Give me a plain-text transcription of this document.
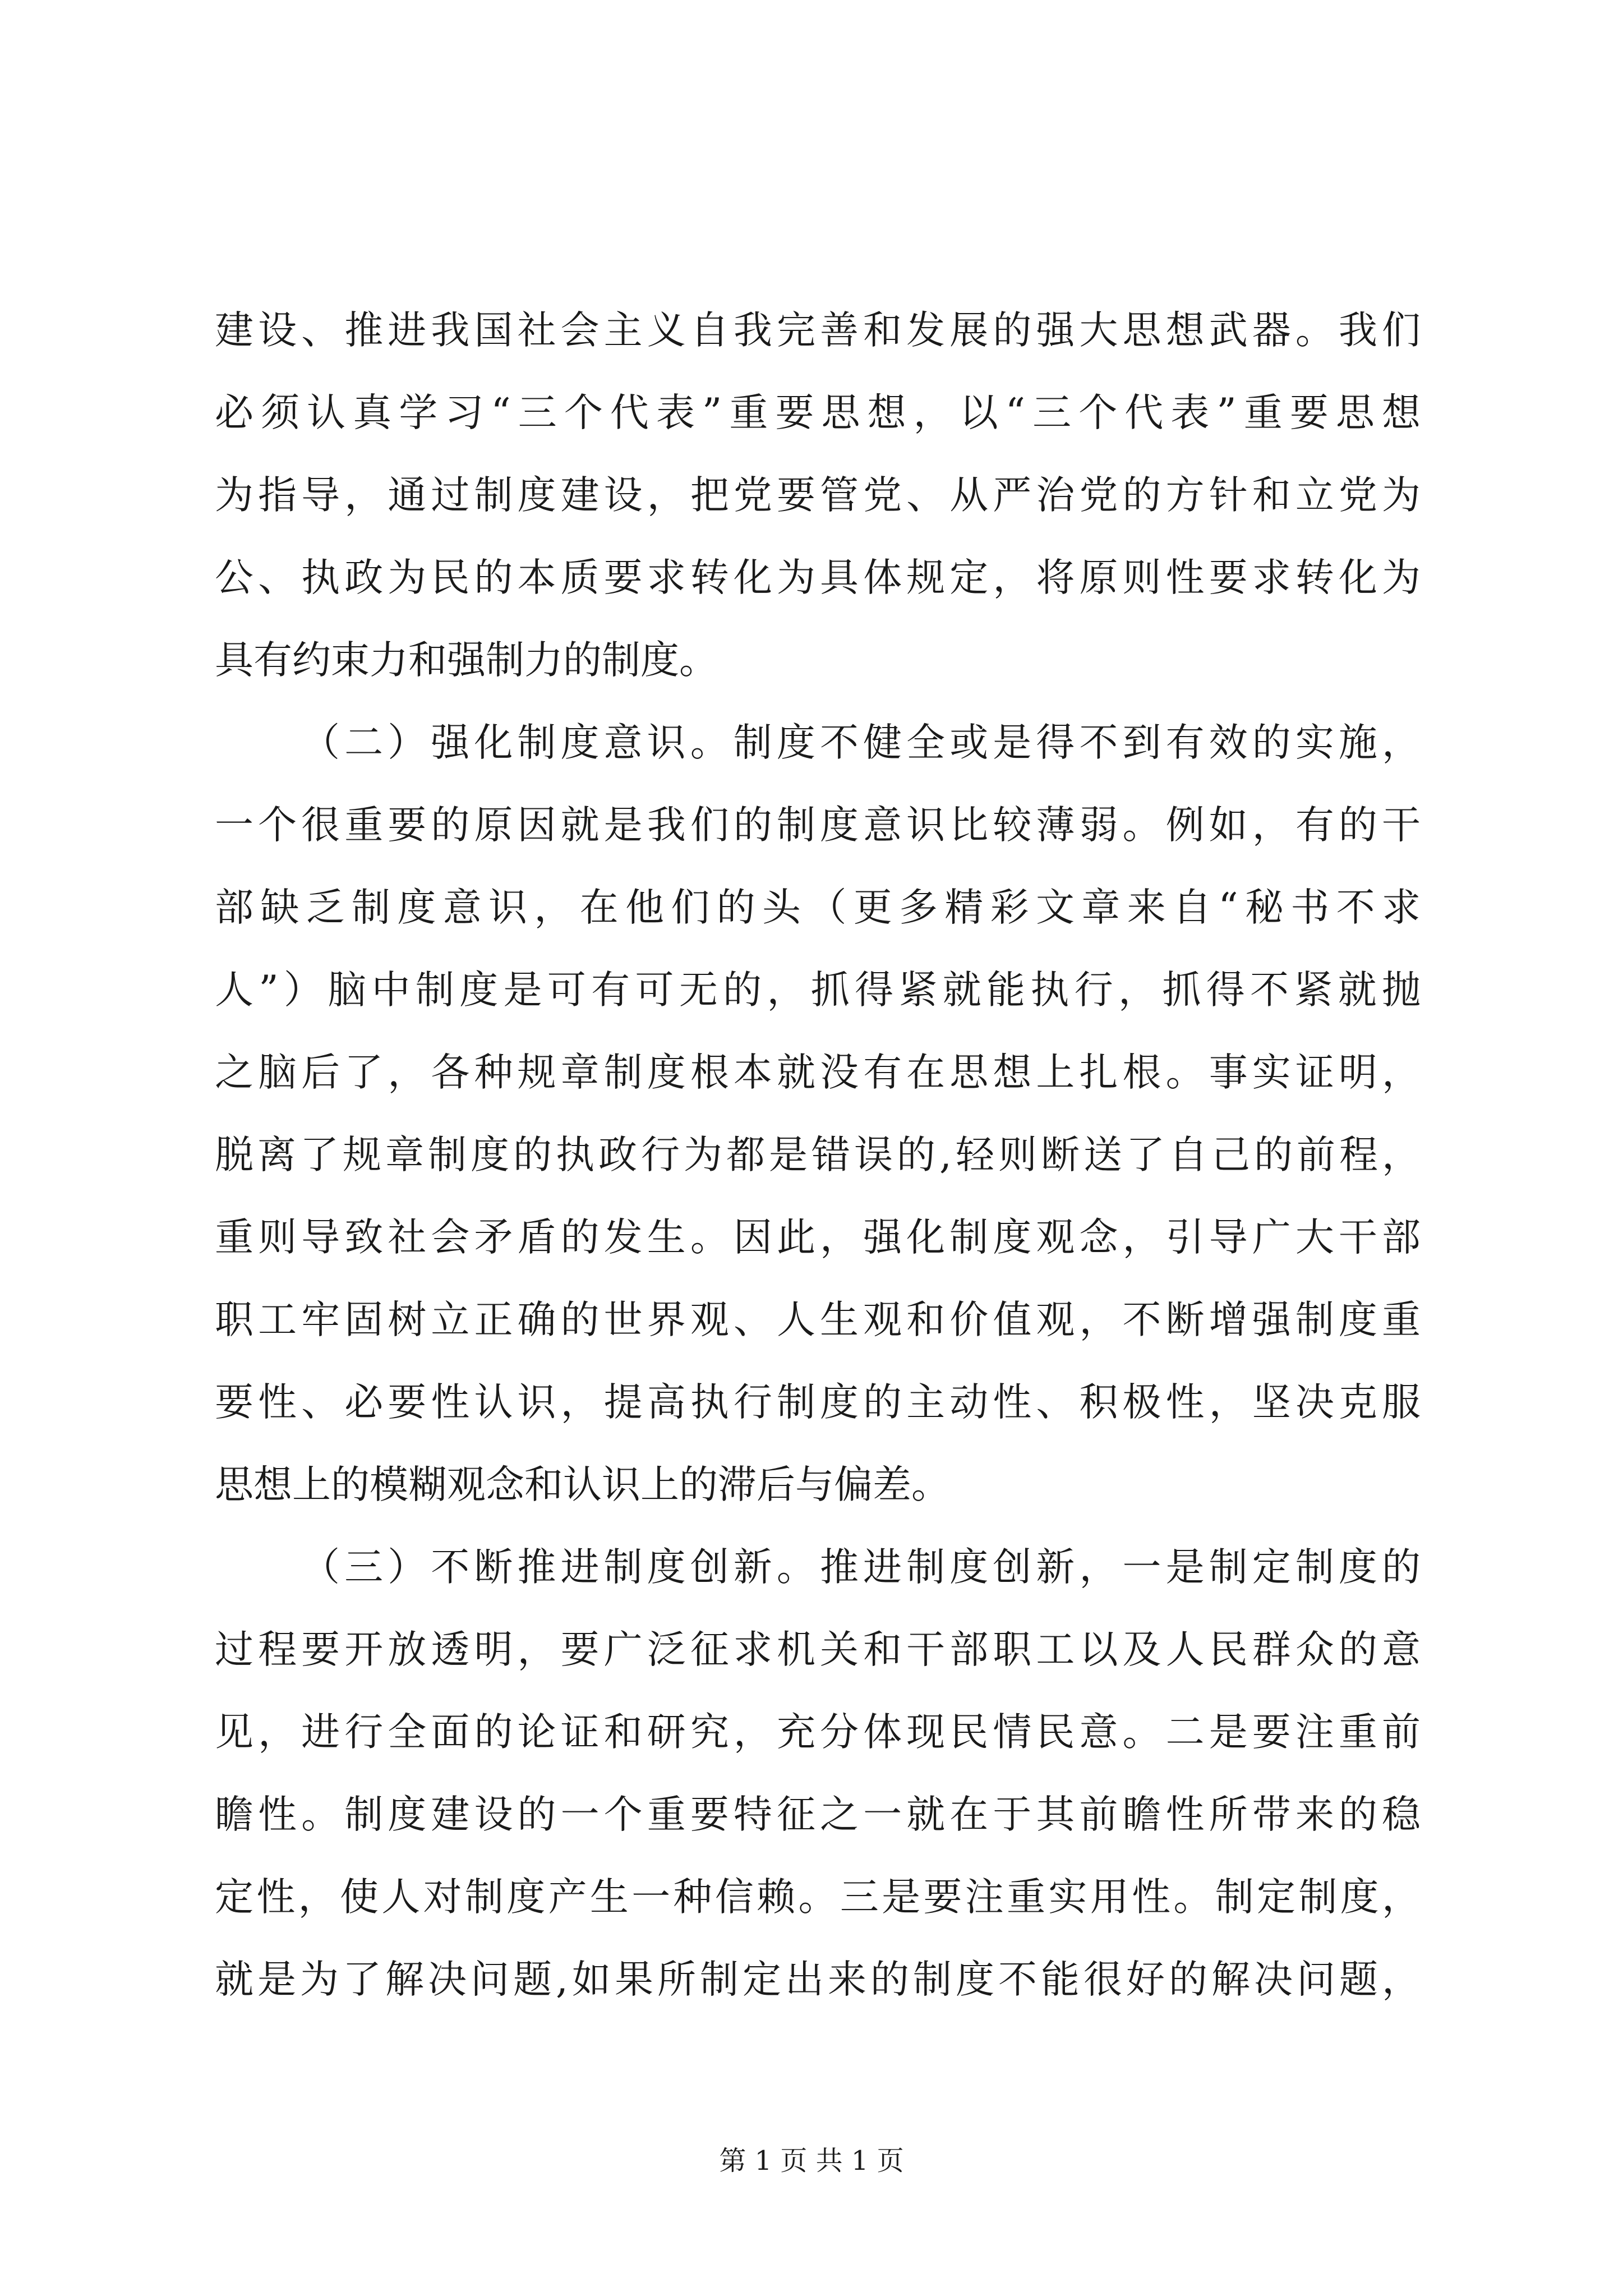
建设、推进我国社会主义自我完善和发展的强大思想武器。我们
必须认真学习“三个代表”重要思想，以“三个代表”重要思想
为指导，通过制度建设，把党要管党、从严治党的方针和立党为
公、执政为民的本质要求转化为具体规定，将原则性要求转化为
具有约束力和强制力的制度。
（二）强化制度意识。制度不健全或是得不到有效的实施，
一个很重要的原因就是我们的制度意识比较薄弱。例如，有的干
部缺乏制度意识，在他们的头（更多精彩文章来自“秘书不求
人”）脑中制度是可有可无的，抓得紧就能执行，抓得不紧就抛
之脑后了，各种规章制度根本就没有在思想上扎根。事实证明，
脱离了规章制度的执政行为都是错误的,轻则断送了自己的前程，
重则导致社会矛盾的发生。因此，强化制度观念，引导广大干部
职工牢固树立正确的世界观、人生观和价值观，不断增强制度重
要性、必要性认识，提高执行制度的主动性、积极性，坚决克服
思想上的模糊观念和认识上的滞后与偏差。
（三）不断推进制度创新。推进制度创新，一是制定制度的
过程要开放透明，要广泛征求机关和干部职工以及人民群众的意
见，进行全面的论证和研究，充分体现民情民意。二是要注重前
瞻性。制度建设的一个重要特征之一就在于其前瞻性所带来的稳
定性，使人对制度产生一种信赖。三是要注重实用性。制定制度，
就是为了解决问题,如果所制定出来的制度不能很好的解决问题，
第 1 页 共 1 页
